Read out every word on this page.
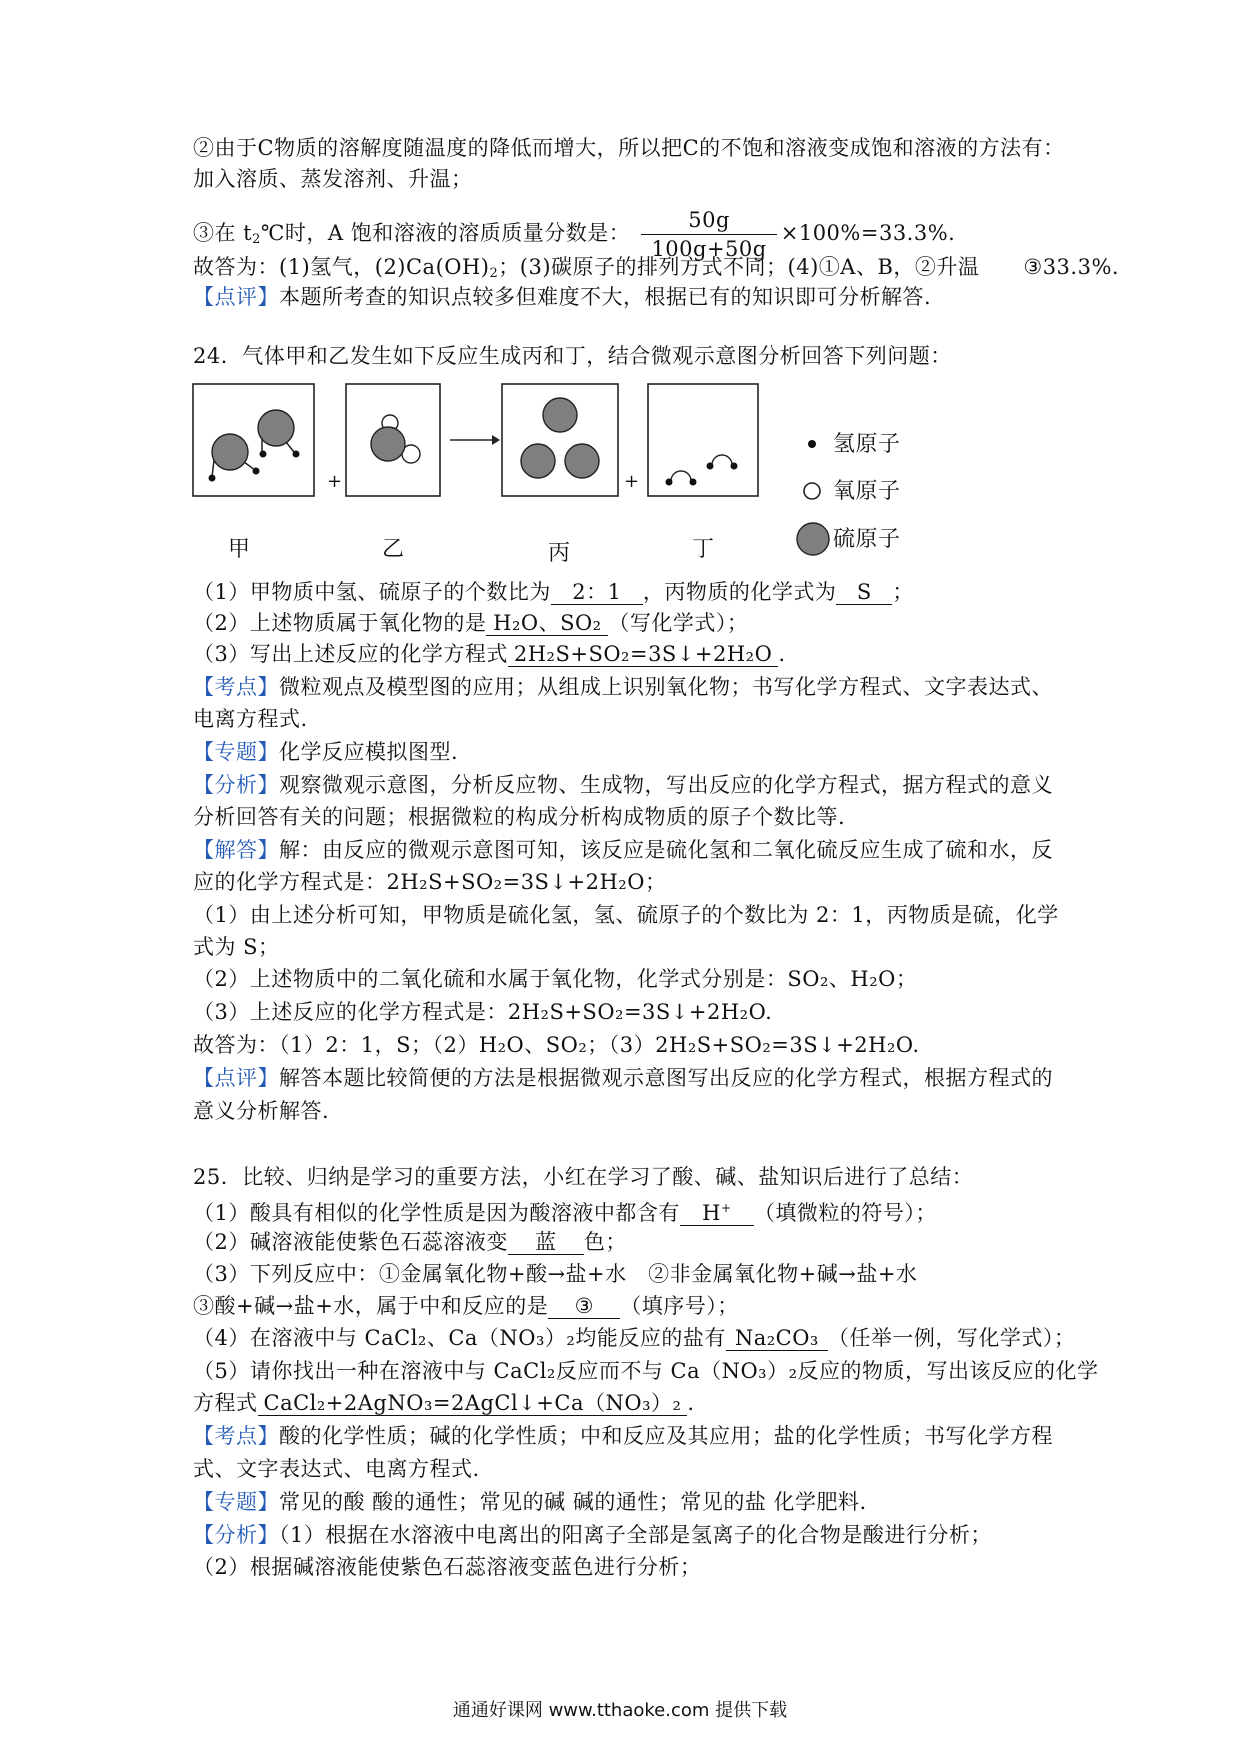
②由于C物质的溶解度随温度的降低而增大，所以把C的不饱和溶液变成饱和溶液的方法有：
加入溶质、蒸发溶剂、升温；
③在 $t_2℃$时，A 饱和溶液的溶质质量分数是： $\frac{50g}{100g+50g} \times 100\%=33.3\%$.
故答为：(1)氢气，$(2)Ca(OH)_2$；(3)碳原子的排列方式不同；(4)①A、B，②升温 ③33.3%.
【点评】本题所考查的知识点较多但难度不大，根据已有的知识即可分析解答.
24．气体甲和乙发生如下反应生成丙和丁，结合微观示意图分析回答下列问题：
+	+
甲	乙	丙	丁
氢原子
氧原子
硫原子
（1）甲物质中氢、硫原子的个数比为 2：1 ，丙物质的化学式为 S ；
（2）上述物质属于氧化物的是 H₂O、SO₂ （写化学式）；
（3）写出上述反应的化学方程式 2H₂S+SO₂=3S↓+2H₂O .
【考点】微粒观点及模型图的应用；从组成上识别氧化物；书写化学方程式、文字表达式、
电离方程式.
【专题】化学反应模拟图型.
【分析】观察微观示意图，分析反应物、生成物，写出反应的化学方程式，据方程式的意义
分析回答有关的问题；根据微粒的构成分析构成物质的原子个数比等.
【解答】解：由反应的微观示意图可知，该反应是硫化氢和二氧化硫反应生成了硫和水，反
应的化学方程式是：2H₂S+SO₂=3S↓+2H₂O；
（1）由上述分析可知，甲物质是硫化氢，氢、硫原子的个数比为 2：1，丙物质是硫，化学
式为 S；
（2）上述物质中的二氧化硫和水属于氧化物，化学式分别是：SO₂、H₂O；
（3）上述反应的化学方程式是：2H₂S+SO₂=3S↓+2H₂O.
故答为：（1）2：1，S；（2）H₂O、SO₂；（3）2H₂S+SO₂=3S↓+2H₂O.
【点评】解答本题比较简便的方法是根据微观示意图写出反应的化学方程式，根据方程式的
意义分析解答.
25．比较、归纳是学习的重要方法，小红在学习了酸、碱、盐知识后进行了总结：
（1）酸具有相似的化学性质是因为酸溶液中都含有 H+ （填微粒的符号）；
（2）碱溶液能使紫色石蕊溶液变 蓝 色；
（3）下列反应中：①金属氧化物+酸→盐+水　②非金属氧化物+碱→盐+水
③酸+碱→盐+水，属于中和反应的是 ③ （填序号）；
（4）在溶液中与 CaCl₂、Ca（NO₃）₂均能反应的盐有 Na₂CO₃ （任举一例，写化学式）；
（5）请你找出一种在溶液中与 CaCl₂反应而不与 Ca（NO₃）₂反应的物质，写出该反应的化学
方程式 CaCl₂+2AgNO₃=2AgCl↓+Ca（NO₃）₂ .
【考点】酸的化学性质；碱的化学性质；中和反应及其应用；盐的化学性质；书写化学方程
式、文字表达式、电离方程式.
【专题】常见的酸 酸的通性；常见的碱 碱的通性；常见的盐 化学肥料.
【分析】（1）根据在水溶液中电离出的阳离子全部是氢离子的化合物是酸进行分析；
（2）根据碱溶液能使紫色石蕊溶液变蓝色进行分析；
通通好课网 www.tthaoke.com 提供下载
